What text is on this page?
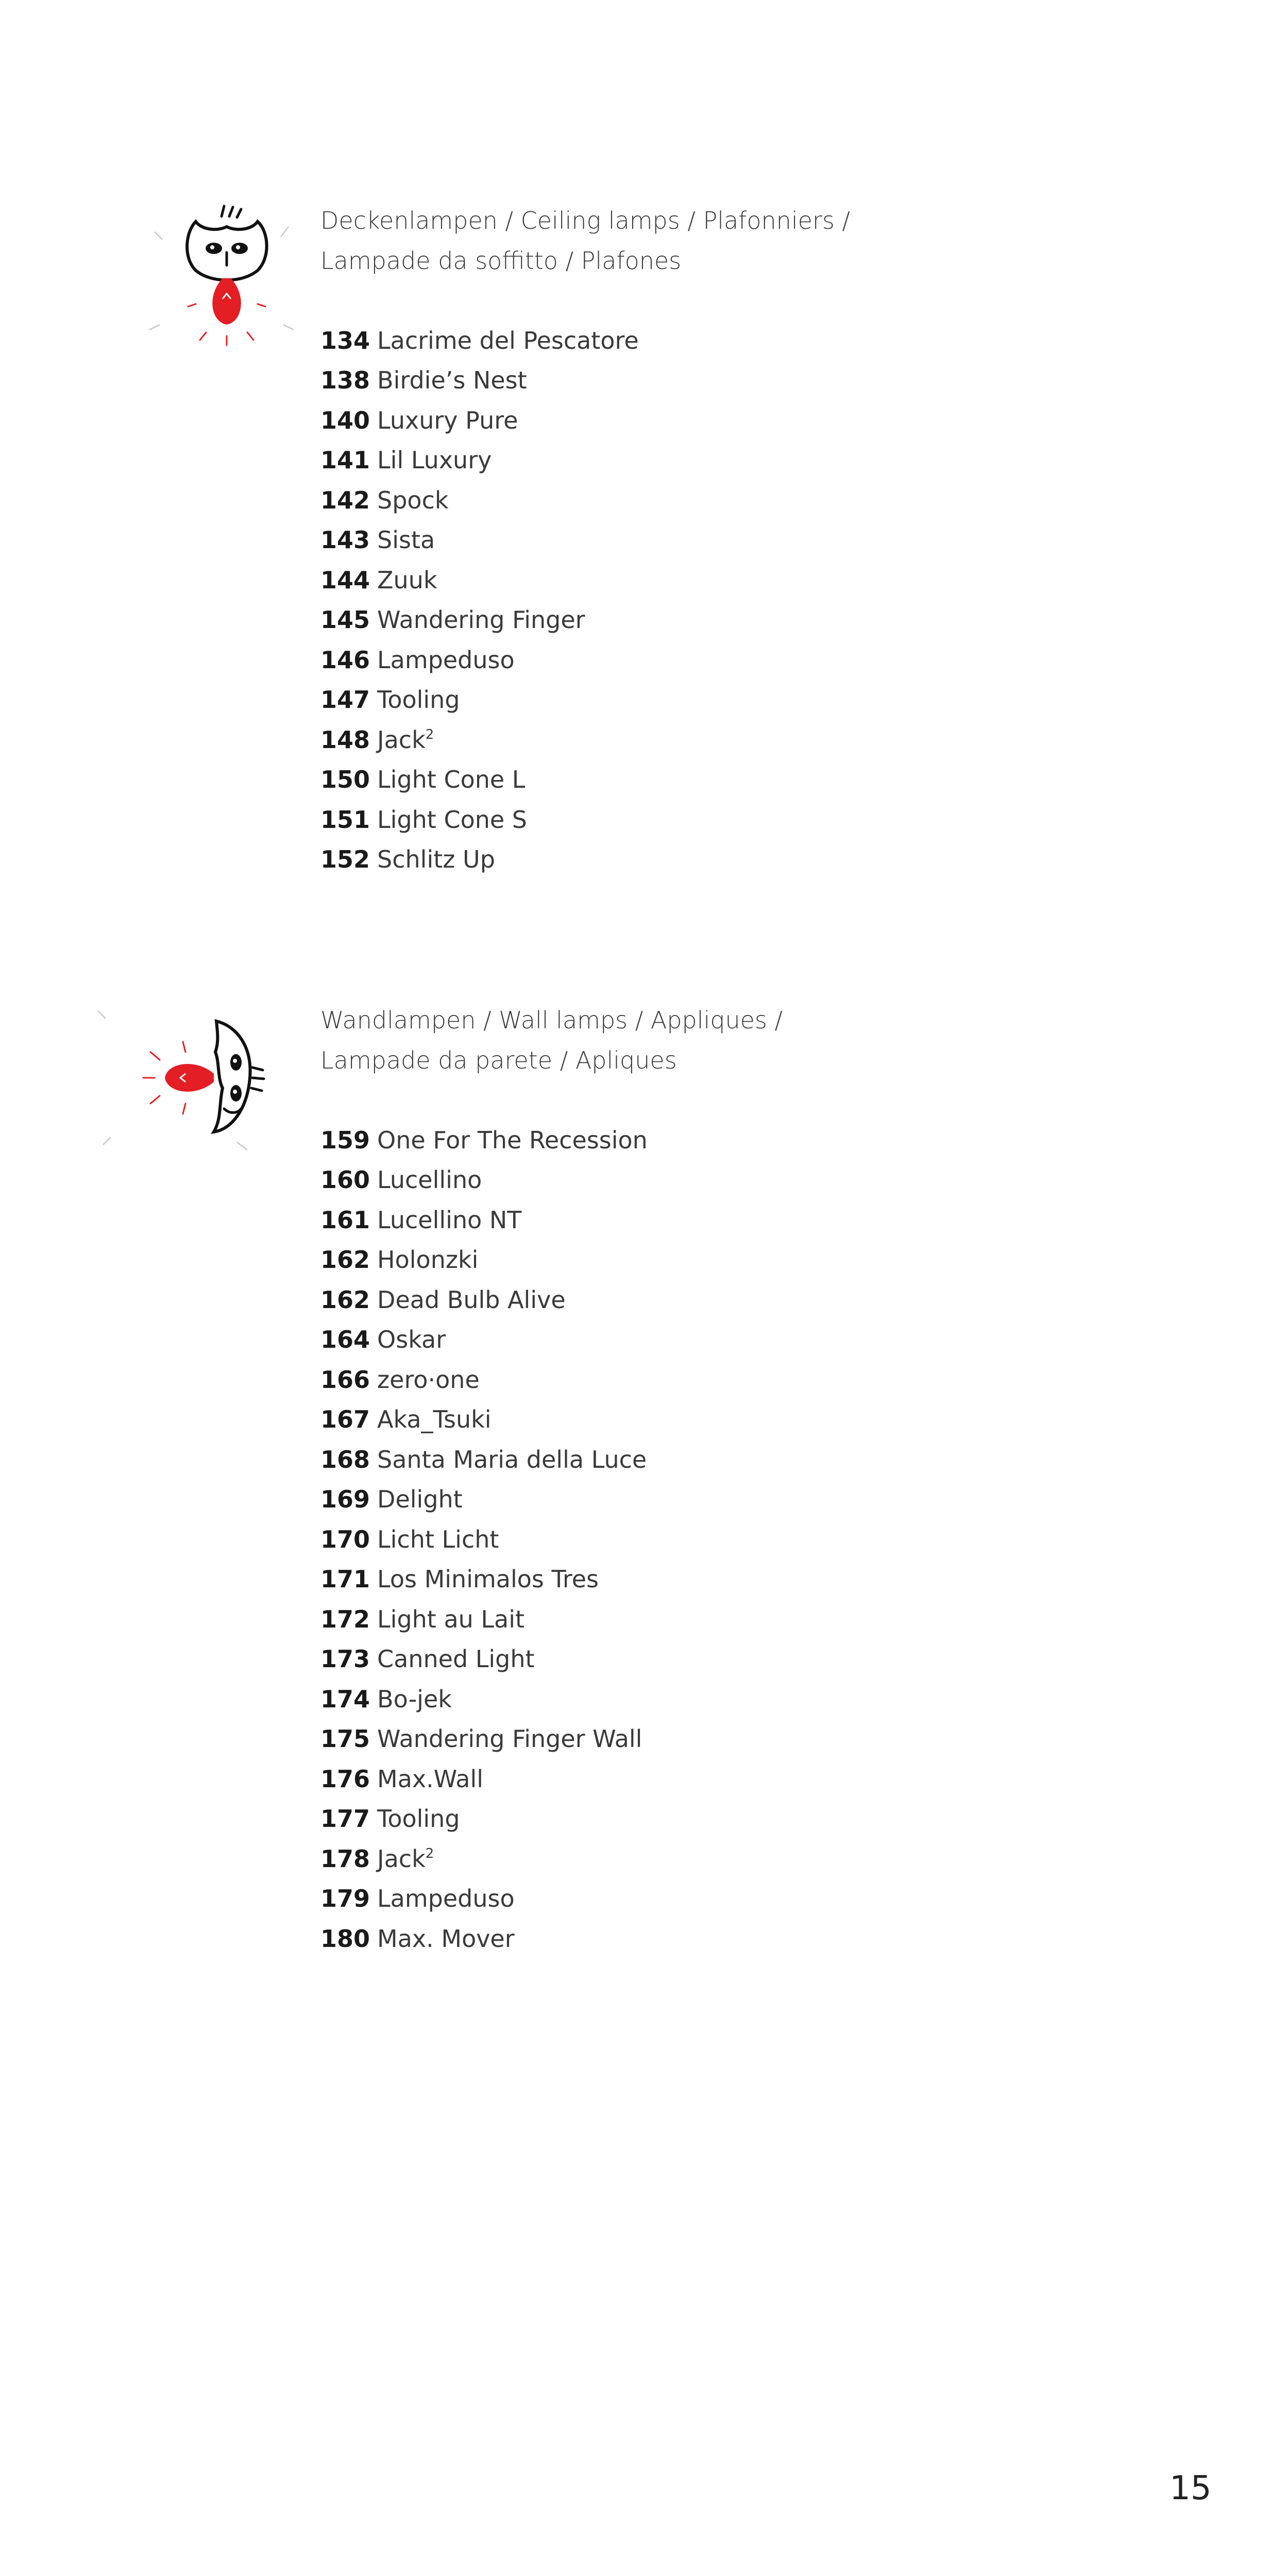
Deckenlampen / Ceiling lamps / Plafonniers /
Lampade da soffitto / Plafones
134 Lacrime del Pescatore
138 Birdie’s Nest
140 Luxury Pure
141 Lil Luxury
142 Spock
143 Sista
144 Zuuk
145 Wandering Finger
146 Lampeduso
147 Tooling
148 Jack$^2$
150 Light Cone L
151 Light Cone S
152 Schlitz Up
Wandlampen / Wall lamps / Appliques /
Lampade da parete / Apliques
159 One For The Recession
160 Lucellino
161 Lucellino NT
162 Holonzki
162 Dead Bulb Alive
164 Oskar
166 zero·one
167 Aka_Tsuki
168 Santa Maria della Luce
169 Delight
170 Licht Licht
171 Los Minimalos Tres
172 Light au Lait
173 Canned Light
174 Bo-jek
175 Wandering Finger Wall
176 Max.Wall
177 Tooling
178 Jack$^2$
179 Lampeduso
180 Max. Mover
15
